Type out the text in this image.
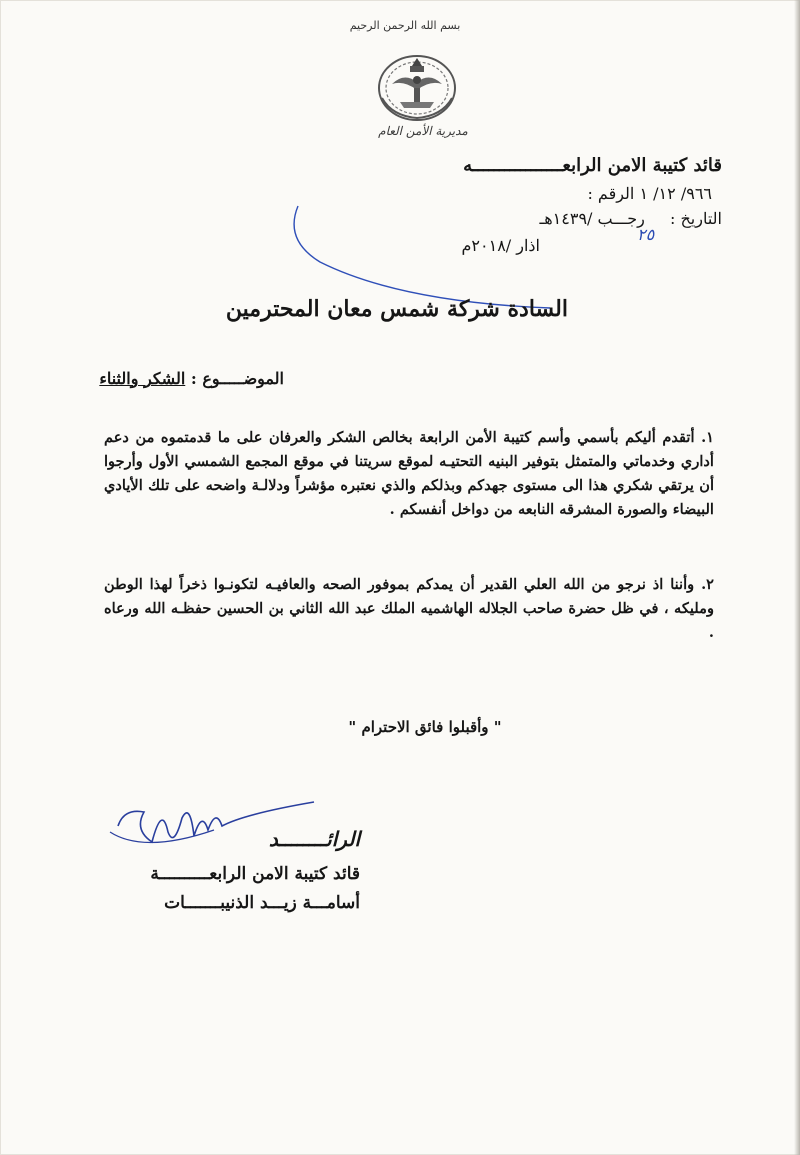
بسم الله الرحمن الرحيم
مديرية الأمن العام
قائد كتيبة الامن الرابعـــــــــــــــــه
الرقم : ٩٦٦/ ١٢/ ١
التاريخ : رجـــب /١٤٣٩هـ
اذار /٢٠١٨م
٢٥
السادة شركة شمس معان المحترمين
الموضـــــوع : الشكر والثناء
١. أتقدم أليكم بأسمي وأسم كتيبة الأمن الرابعة بخالص الشكر والعرفان على ما قدمتموه من دعم أداري وخدماتي والمتمثل بتوفير البنيه التحتيـه لموقع سريتنا في موقع المجمع الشمسي الأول وأرجوا أن يرتقي شكري هذا الى مستوى جهدكم وبذلكم والذي نعتبره مؤشراً ودلالـة واضحه على تلك الأيادي البيضاء والصورة المشرقه النابعه من دواخل أنفسكم .
٢. وأننا اذ نرجو من الله العلي القدير أن يمدكم بموفور الصحه والعافيـه لتكونـوا ذخراً لهذا الوطن ومليكه ، في ظل حضرة صاحب الجلاله الهاشميه الملك عبد الله الثاني بن الحسين حفظـه الله ورعاه .
" وأقبلوا فائق الاحترام "
الرائــــــــد
قائد كتيبة الامن الرابعــــــــــة
أسامـــة زيـــد الذنيبـــــــات
